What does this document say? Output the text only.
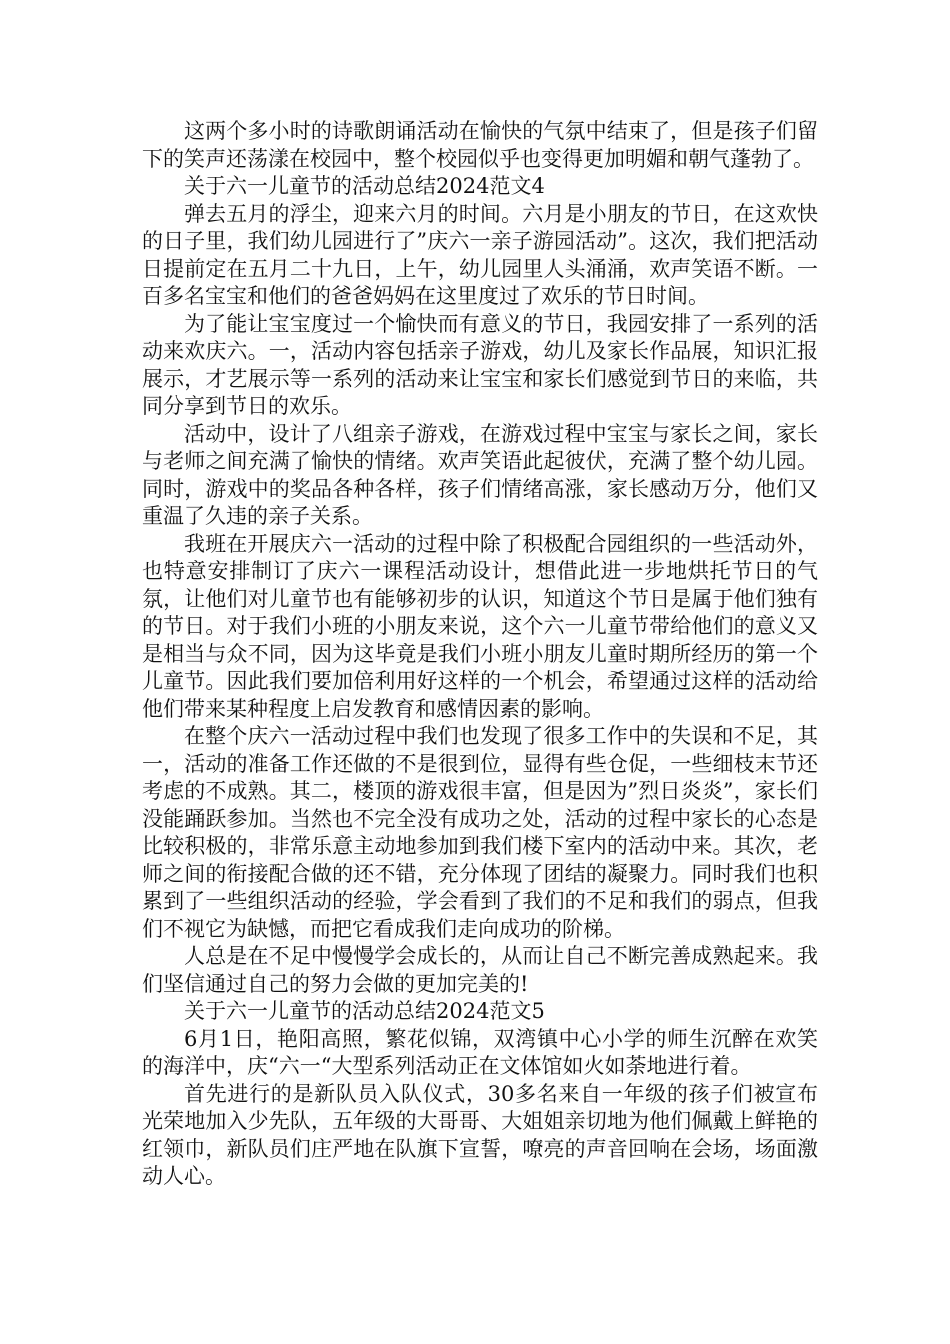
这两个多小时的诗歌朗诵活动在愉快的气氛中结束了，但是孩子们留下的笑声还荡漾在校园中，整个校园似乎也变得更加明媚和朝气蓬勃了。

关于六一儿童节的活动总结2024范文4

弹去五月的浮尘，迎来六月的时间。六月是小朋友的节日，在这欢快的日子里，我们幼儿园进行了”庆六一亲子游园活动”。这次，我们把活动日提前定在五月二十九日，上午，幼儿园里人头涌涌，欢声笑语不断。一百多名宝宝和他们的爸爸妈妈在这里度过了欢乐的节日时间。

为了能让宝宝度过一个愉快而有意义的节日，我园安排了一系列的活动来欢庆六。一，活动内容包括亲子游戏，幼儿及家长作品展，知识汇报展示，才艺展示等一系列的活动来让宝宝和家长们感觉到节日的来临，共同分享到节日的欢乐。

活动中，设计了八组亲子游戏，在游戏过程中宝宝与家长之间，家长与老师之间充满了愉快的情绪。欢声笑语此起彼伏，充满了整个幼儿园。同时，游戏中的奖品各种各样，孩子们情绪高涨，家长感动万分，他们又重温了久违的亲子关系。

我班在开展庆六一活动的过程中除了积极配合园组织的一些活动外，也特意安排制订了庆六一课程活动设计，想借此进一步地烘托节日的气氛，让他们对儿童节也有能够初步的认识，知道这个节日是属于他们独有的节日。对于我们小班的小朋友来说，这个六一儿童节带给他们的意义又是相当与众不同，因为这毕竟是我们小班小朋友儿童时期所经历的第一个儿童节。因此我们要加倍利用好这样的一个机会，希望通过这样的活动给他们带来某种程度上启发教育和感情因素的影响。

在整个庆六一活动过程中我们也发现了很多工作中的失误和不足，其一，活动的准备工作还做的不是很到位，显得有些仓促，一些细枝末节还考虑的不成熟。其二，楼顶的游戏很丰富，但是因为”烈日炎炎”，家长们没能踊跃参加。当然也不完全没有成功之处，活动的过程中家长的心态是比较积极的，非常乐意主动地参加到我们楼下室内的活动中来。其次，老师之间的衔接配合做的还不错，充分体现了团结的凝聚力。同时我们也积累到了一些组织活动的经验，学会看到了我们的不足和我们的弱点，但我们不视它为缺憾，而把它看成我们走向成功的阶梯。

人总是在不足中慢慢学会成长的，从而让自己不断完善成熟起来。我们坚信通过自己的努力会做的更加完美的!

关于六一儿童节的活动总结2024范文5

6月1日，艳阳高照，繁花似锦，双湾镇中心小学的师生沉醉在欢笑的海洋中，庆“六一“大型系列活动正在文体馆如火如荼地进行着。

首先进行的是新队员入队仪式，30多名来自一年级的孩子们被宣布光荣地加入少先队，五年级的大哥哥、大姐姐亲切地为他们佩戴上鲜艳的红领巾，新队员们庄严地在队旗下宣誓，嘹亮的声音回响在会场，场面激动人心。
